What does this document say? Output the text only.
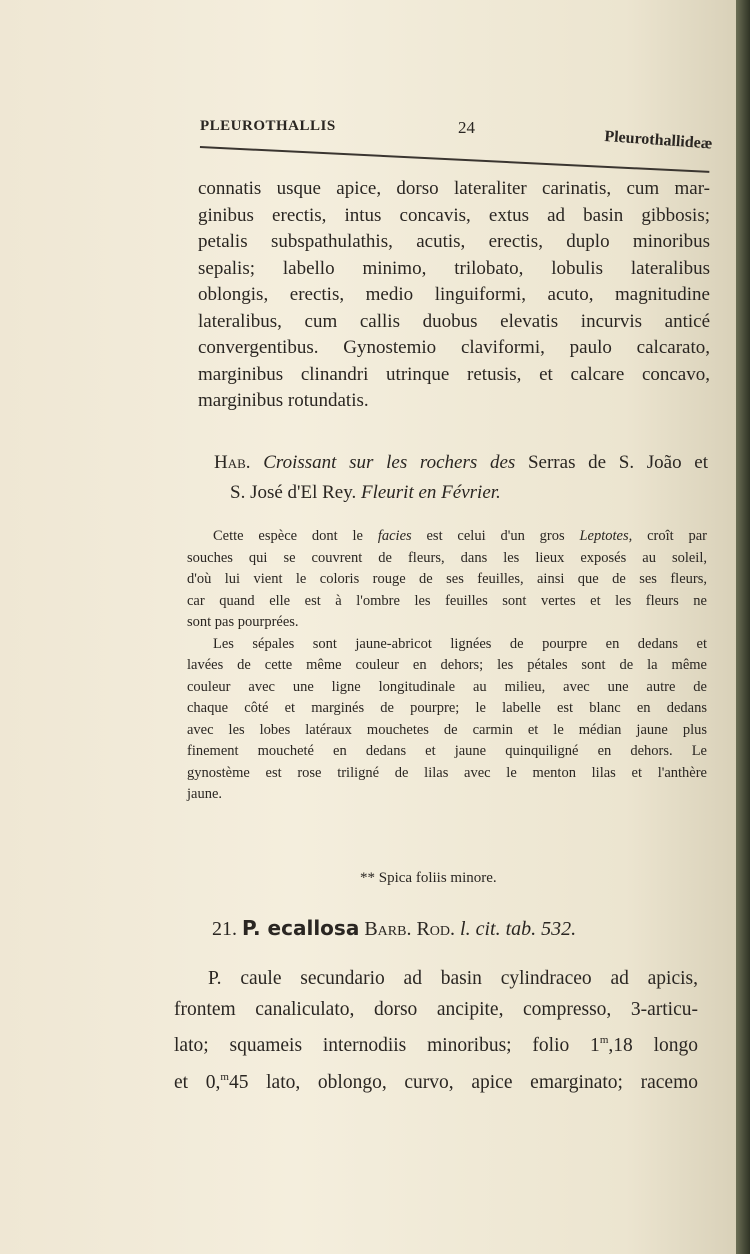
PLEUROTHALLIS	24
Pleurothallideæ
connatis usque apice, dorso lateraliter carinatis, cum mar-
ginibus erectis, intus concavis, extus ad basin gibbosis;
petalis subspathulathis, acutis, erectis, duplo minoribus
sepalis; labello minimo, trilobato, lobulis lateralibus
oblongis, erectis, medio linguiformi, acuto, magnitudine
lateralibus, cum callis duobus elevatis incurvis anticé
convergentibus. Gynostemio claviformi, paulo calcarato,
marginibus clinandri utrinque retusis, et calcare concavo,
marginibus rotundatis.
Hab. Croissant sur les rochers des Serras de S. João et
S. José d'El Rey. Fleurit en Février.
Cette espèce dont le facies est celui d'un gros Leptotes, croît par
souches qui se couvrent de fleurs, dans les lieux exposés au soleil,
d'où lui vient le coloris rouge de ses feuilles, ainsi que de ses fleurs,
car quand elle est à l'ombre les feuilles sont vertes et les fleurs ne
sont pas pourprées.
Les sépales sont jaune-abricot lignées de pourpre en dedans et
lavées de cette même couleur en dehors; les pétales sont de la même
couleur avec une ligne longitudinale au milieu, avec une autre de
chaque côté et marginés de pourpre; le labelle est blanc en dedans
avec les lobes latéraux mouchetes de carmin et le médian jaune plus
finement moucheté en dedans et jaune quinquiligné en dehors. Le
gynostème est rose triligné de lilas avec le menton lilas et l'anthère
jaune.
** Spica foliis minore.
21. P. ecallosa Barb. Rod. l. cit. tab. 532.
P. caule secundario ad basin cylindraceo ad apicis,
frontem canaliculato, dorso ancipite, compresso, 3-articu-
lato; squameis internodiis minoribus; folio 1$^m$,18 longo
et 0,$^m$45 lato, oblongo, curvo, apice emarginato; racemo
